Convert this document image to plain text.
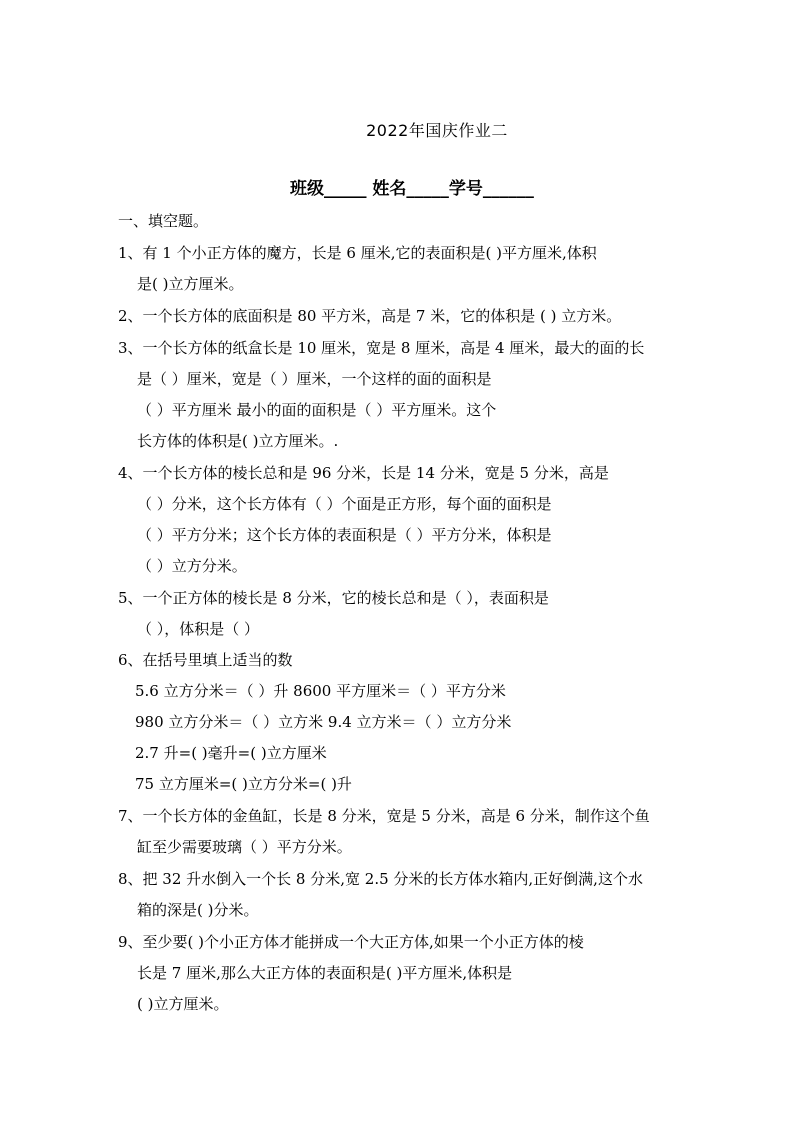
2022年国庆作业二
班级_____ 姓名_____学号______
一、填空题。
1、有 1 个小正方体的魔方，长是 6 厘米,它的表面积是( )平方厘米,体积
是( )立方厘米。
2、一个长方体的底面积是 80 平方米，高是 7 米，它的体积是 ( ) 立方米。
3、一个长方体的纸盒长是 10 厘米，宽是 8 厘米，高是 4 厘米，最大的面的长
是（ ）厘米，宽是（ ）厘米，一个这样的面的面积是
（ ）平方厘米 最小的面的面积是（ ）平方厘米。这个
长方体的体积是( )立方厘米。.
4、一个长方体的棱长总和是 96 分米，长是 14 分米，宽是 5 分米，高是
（ ）分米，这个长方体有（ ）个面是正方形，每个面的面积是
（ ）平方分米；这个长方体的表面积是（ ）平方分米，体积是
（ ）立方分米。
5、一个正方体的棱长是 8 分米，它的棱长总和是（ ），表面积是
（ ），体积是（ ）
6、在括号里填上适当的数
5.6 立方分米＝（ ）升 8600 平方厘米＝（ ）平方分米
980 立方分米＝（ ）立方米 9.4 立方米＝（ ）立方分米
2.7 升=( )毫升=( )立方厘米
75 立方厘米=( )立方分米=( )升
7、一个长方体的金鱼缸，长是 8 分米，宽是 5 分米，高是 6 分米，制作这个鱼
缸至少需要玻璃（ ）平方分米。
8、把 32 升水倒入一个长 8 分米,宽 2.5 分米的长方体水箱内,正好倒满,这个水
箱的深是( )分米。
9、至少要( )个小正方体才能拼成一个大正方体,如果一个小正方体的棱
长是 7 厘米,那么大正方体的表面积是( )平方厘米,体积是
( )立方厘米。
